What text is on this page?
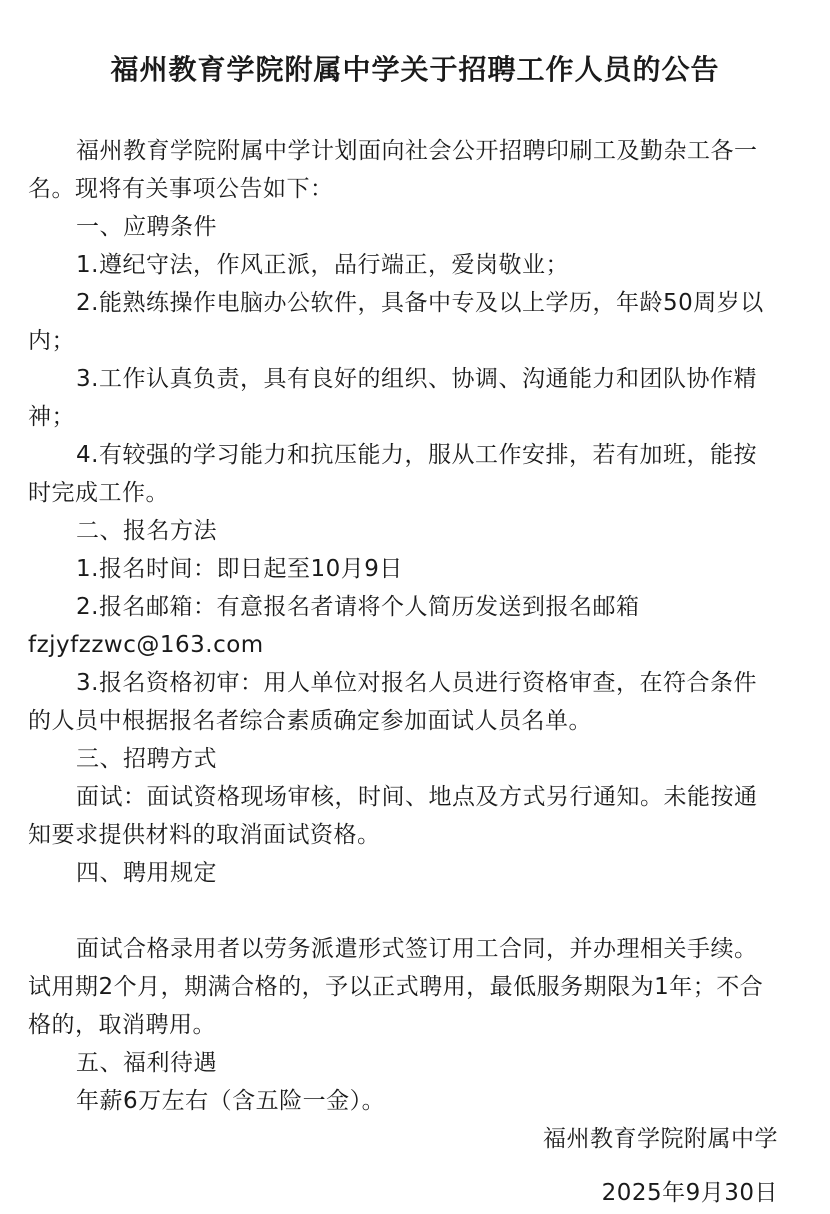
福州教育学院附属中学关于招聘工作人员的公告

福州教育学院附属中学计划面向社会公开招聘印刷工及勤杂工各一名。现将有关事项公告如下：

一、应聘条件

1.遵纪守法，作风正派，品行端正，爱岗敬业；

2.能熟练操作电脑办公软件，具备中专及以上学历，年龄50周岁以内；

3.工作认真负责，具有良好的组织、协调、沟通能力和团队协作精神；

4.有较强的学习能力和抗压能力，服从工作安排，若有加班，能按时完成工作。

二、报名方法

1.报名时间：即日起至10月9日

2.报名邮箱：有意报名者请将个人简历发送到报名邮箱

fzjyfzzwc@163.com

3.报名资格初审：用人单位对报名人员进行资格审查，在符合条件的人员中根据报名者综合素质确定参加面试人员名单。

三、招聘方式

面试：面试资格现场审核，时间、地点及方式另行通知。未能按通知要求提供材料的取消面试资格。

四、聘用规定

面试合格录用者以劳务派遣形式签订用工合同，并办理相关手续。试用期2个月，期满合格的，予以正式聘用，最低服务期限为1年；不合格的，取消聘用。

五、福利待遇

年薪6万左右（含五险一金）。

福州教育学院附属中学

2025年9月30日
